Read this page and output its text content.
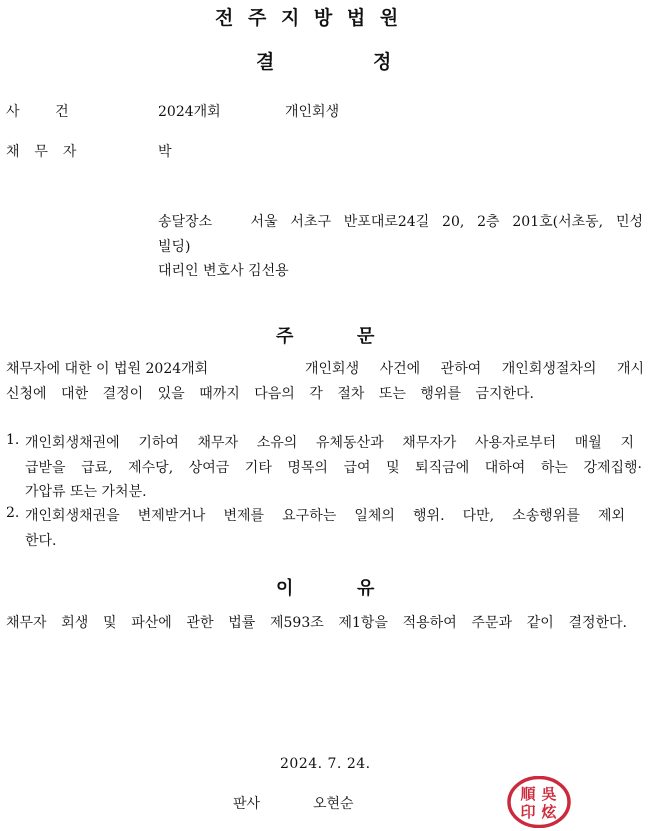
전 주 지 방 법 원
결	정
사        건	2024개회	개인회생
채  무  자	박
송달장소   서울 서초구 반포대로24길 20, 2층 201호(서초동, 민성
빌딩)
대리인 변호사 김선용
주	문
채무자에 대한 이 법원 2024개회	개인회생 사건에 관하여 개인회생절차의 개시
신청에 대한 결정이 있을 때까지 다음의 각 절차 또는 행위를 금지한다.
1. 개인회생채권에 기하여 채무자 소유의 유체동산과 채무자가 사용자로부터 매월 지
급받을 급료, 제수당, 상여금 기타 명목의 급여 및 퇴직금에 대하여 하는 강제집행·
가압류 또는 가처분.
2. 개인회생채권을 변제받거나 변제를 요구하는 일체의 행위. 다만, 소송행위를 제외
한다.
이	유
채무자 회생 및 파산에 관한 법률 제593조 제1항을 적용하여 주문과 같이 결정한다.
2024. 7. 24.
판사	오현순
吳
炫
順
印
